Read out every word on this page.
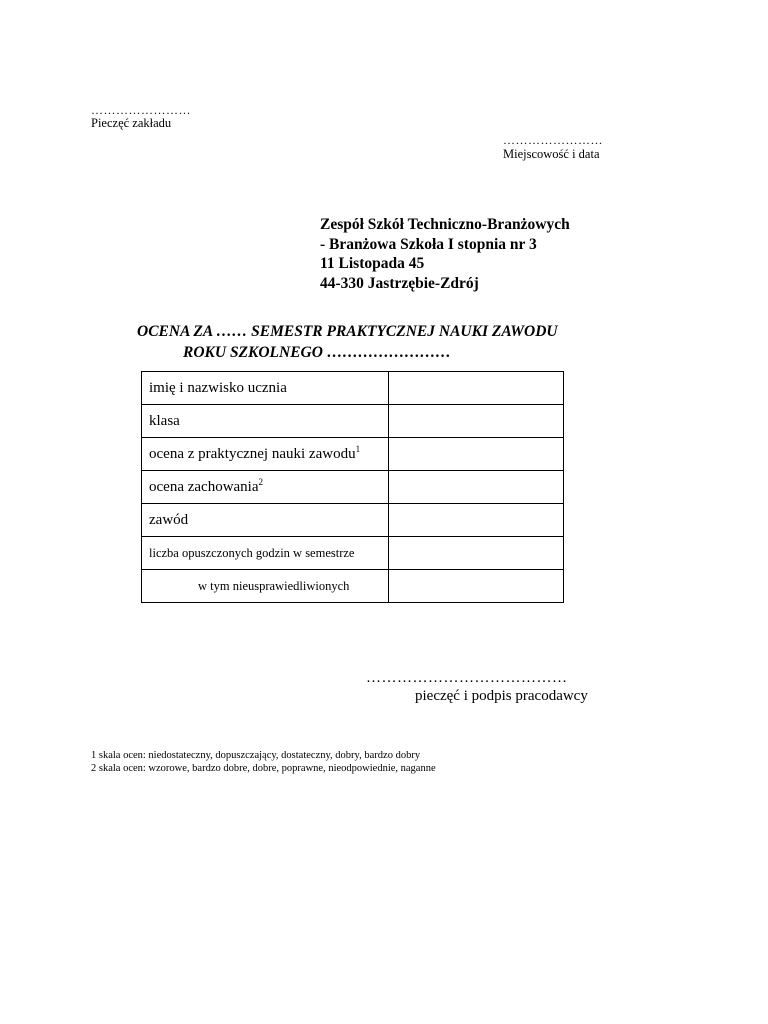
……………………
Pieczęć zakładu
……………………
Miejscowość i data
Zespół Szkół Techniczno-Branżowych
- Branżowa Szkoła I stopnia nr 3
11 Listopada 45
44-330 Jastrzębie-Zdrój
OCENA ZA …… SEMESTR PRAKTYCZNEJ NAUKI ZAWODU
ROKU SZKOLNEGO ……………………
imię i nazwisko ucznia	
klasa	
ocena z praktycznej nauki zawodu$^1$	
ocena zachowania$^2$	
zawód	
liczba opuszczonych godzin w semestrze	
w tym nieusprawiedliwionych	
…………………………………
pieczęć i podpis pracodawcy
1 skala ocen: niedostateczny, dopuszczający, dostateczny, dobry, bardzo dobry
2 skala ocen: wzorowe, bardzo dobre, dobre, poprawne, nieodpowiednie, naganne
